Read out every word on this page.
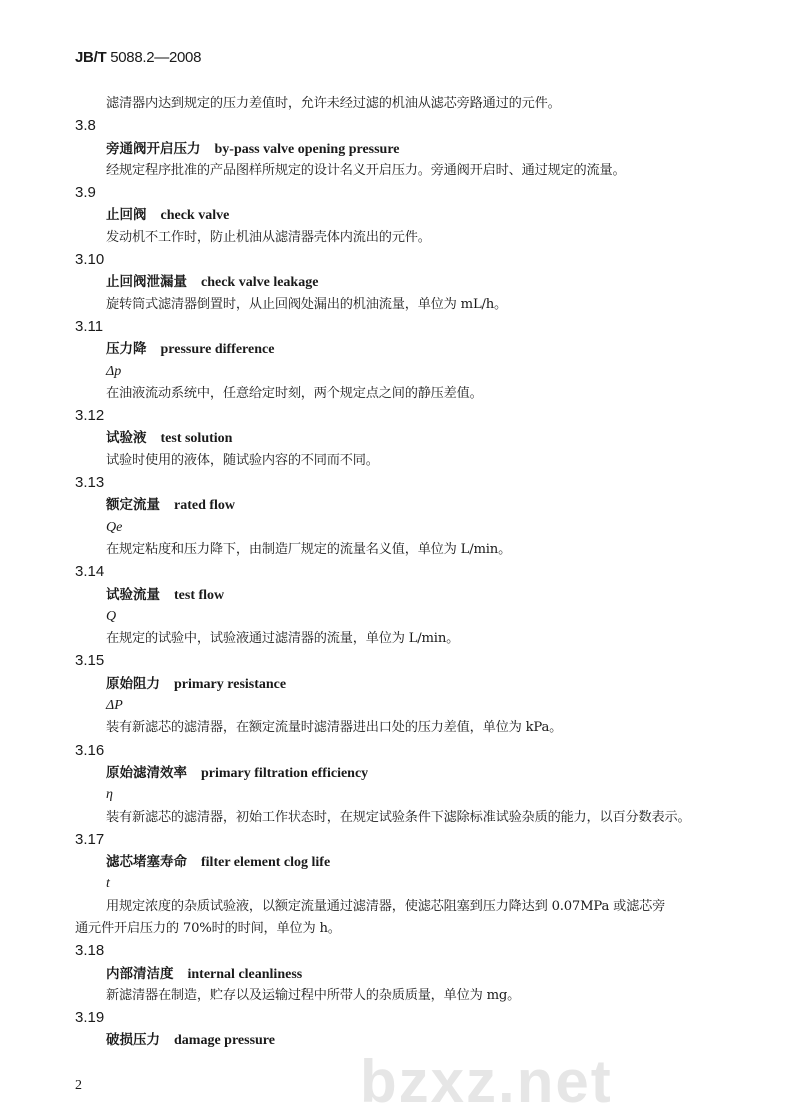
JB/T 5088.2—2008
滤清器内达到规定的压力差值时，允许未经过滤的机油从滤芯旁路通过的元件。
3.8
旁通阀开启压力 by-pass valve opening pressure
经规定程序批准的产品图样所规定的设计名义开启压力。旁通阀开启时、通过规定的流量。
3.9
止回阀 check valve
发动机不工作时，防止机油从滤清器壳体内流出的元件。
3.10
止回阀泄漏量 check valve leakage
旋转筒式滤清器倒置时，从止回阀处漏出的机油流量，单位为 mL/h。
3.11
压力降 pressure difference
Δp
在油液流动系统中，任意给定时刻，两个规定点之间的静压差值。
3.12
试验液 test solution
试验时使用的液体，随试验内容的不同而不同。
3.13
额定流量 rated flow
Qe
在规定粘度和压力降下，由制造厂规定的流量名义值，单位为 L/min。
3.14
试验流量 test flow
Q
在规定的试验中，试验液通过滤清器的流量，单位为 L/min。
3.15
原始阻力 primary resistance
ΔP
装有新滤芯的滤清器，在额定流量时滤清器进出口处的压力差值，单位为 kPa。
3.16
原始滤清效率 primary filtration efficiency
η
装有新滤芯的滤清器，初始工作状态时，在规定试验条件下滤除标准试验杂质的能力，以百分数表示。
3.17
滤芯堵塞寿命 filter element clog life
t
用规定浓度的杂质试验液，以额定流量通过滤清器，使滤芯阻塞到压力降达到 0.07MPa 或滤芯旁
通元件开启压力的 70%时的时间，单位为 h。
3.18
内部清洁度 internal cleanliness
新滤清器在制造，贮存以及运输过程中所带人的杂质质量，单位为 mg。
3.19
破损压力 damage pressure
2	bzxz.net
